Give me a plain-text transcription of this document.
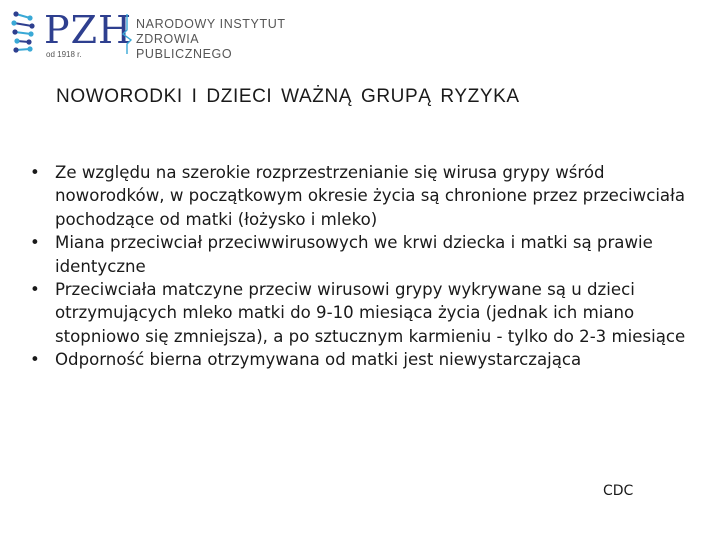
PZH
od 1918 r.
NARODOWY INSTYTUT
ZDROWIA PUBLICZNEGO
NOWORODKI I DZIECI WAŻNĄ GRUPĄ RYZYKA
• Ze względu na szerokie rozprzestrzenianie się wirusa grypy wśród noworodków, w początkowym okresie życia są chronione przez przeciwciała pochodzące od matki (łożysko i mleko)
• Miana przeciwciał przeciwwirusowych we krwi dziecka i matki są prawie identyczne
• Przeciwciała matczyne przeciw wirusowi grypy wykrywane są u dzieci otrzymujących mleko matki do 9-10 miesiąca życia (jednak ich miano stopniowo się zmniejsza), a po sztucznym karmieniu - tylko do 2-3 miesiące
• Odporność bierna otrzymywana od matki jest niewystarczająca
CDC
